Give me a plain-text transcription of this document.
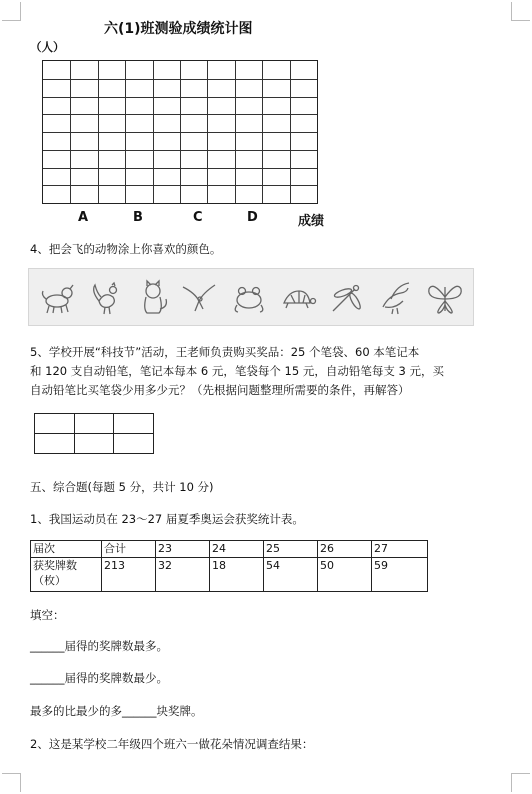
六(1)班测验成绩统计图
（人）
A	B	C	D	成绩
4、把会飞的动物涂上你喜欢的颜色。
5、学校开展“科技节”活动，王老师负责购买奖品：25 个笔袋、60 本笔记本
和 120 支自动铅笔，笔记本每本 6 元，笔袋每个 15 元，自动铅笔每支 3 元，买
自动铅笔比买笔袋少用多少元？（先根据问题整理所需要的条件，再解答）

五、综合题(每题 5 分，共计 10 分)
1、我国运动员在 23～27 届夏季奥运会获奖统计表。
届次	合计	23	24	25	26	27

获奖牌数
（枚）	213	32	18	54	50	59
填空：
______届得的奖牌数最多。
______届得的奖牌数最少。
最多的比最少的多______块奖牌。
2、这是某学校二年级四个班六一做花朵情况调查结果：
